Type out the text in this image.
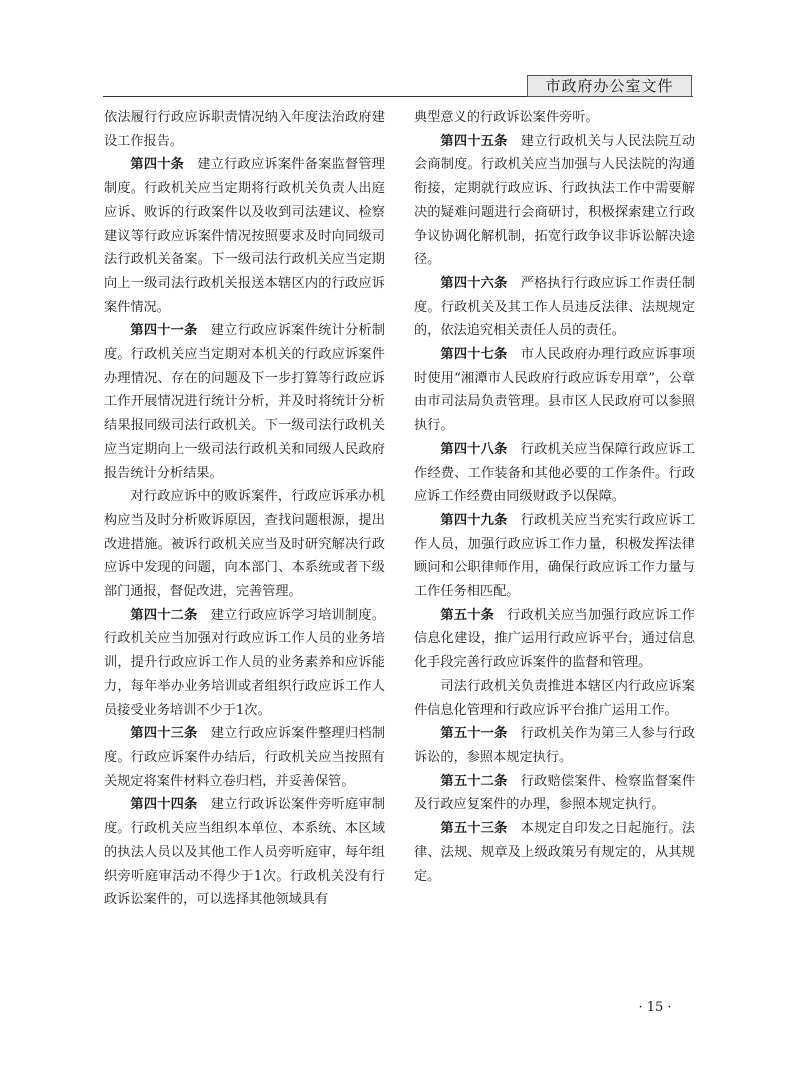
市政府办公室文件

依法履行行政应诉职责情况纳入年度法治政府建设工作报告。

第四十条 建立行政应诉案件备案监督管理制度。行政机关应当定期将行政机关负责人出庭应诉、败诉的行政案件以及收到司法建议、检察建议等行政应诉案件情况按照要求及时向同级司法行政机关备案。下一级司法行政机关应当定期向上一级司法行政机关报送本辖区内的行政应诉案件情况。

第四十一条 建立行政应诉案件统计分析制度。行政机关应当定期对本机关的行政应诉案件办理情况、存在的问题及下一步打算等行政应诉工作开展情况进行统计分析，并及时将统计分析结果报同级司法行政机关。下一级司法行政机关应当定期向上一级司法行政机关和同级人民政府报告统计分析结果。

对行政应诉中的败诉案件，行政应诉承办机构应当及时分析败诉原因，查找问题根源，提出改进措施。被诉行政机关应当及时研究解决行政应诉中发现的问题，向本部门、本系统或者下级部门通报，督促改进，完善管理。

第四十二条 建立行政应诉学习培训制度。行政机关应当加强对行政应诉工作人员的业务培训，提升行政应诉工作人员的业务素养和应诉能力，每年举办业务培训或者组织行政应诉工作人员接受业务培训不少于1次。

第四十三条 建立行政应诉案件整理归档制度。行政应诉案件办结后，行政机关应当按照有关规定将案件材料立卷归档，并妥善保管。

第四十四条 建立行政诉讼案件旁听庭审制度。行政机关应当组织本单位、本系统、本区域的执法人员以及其他工作人员旁听庭审，每年组织旁听庭审活动不得少于1次。行政机关没有行政诉讼案件的，可以选择其他领域具有

典型意义的行政诉讼案件旁听。

第四十五条 建立行政机关与人民法院互动会商制度。行政机关应当加强与人民法院的沟通衔接，定期就行政应诉、行政执法工作中需要解决的疑难问题进行会商研讨，积极探索建立行政争议协调化解机制，拓宽行政争议非诉讼解决途径。

第四十六条 严格执行行政应诉工作责任制度。行政机关及其工作人员违反法律、法规规定的，依法追究相关责任人员的责任。

第四十七条 市人民政府办理行政应诉事项时使用“湘潭市人民政府行政应诉专用章”，公章由市司法局负责管理。县市区人民政府可以参照执行。

第四十八条 行政机关应当保障行政应诉工作经费、工作装备和其他必要的工作条件。行政应诉工作经费由同级财政予以保障。

第四十九条 行政机关应当充实行政应诉工作人员，加强行政应诉工作力量，积极发挥法律顾问和公职律师作用，确保行政应诉工作力量与工作任务相匹配。

第五十条 行政机关应当加强行政应诉工作信息化建设，推广运用行政应诉平台，通过信息化手段完善行政应诉案件的监督和管理。

司法行政机关负责推进本辖区内行政应诉案件信息化管理和行政应诉平台推广运用工作。

第五十一条 行政机关作为第三人参与行政诉讼的，参照本规定执行。

第五十二条 行政赔偿案件、检察监督案件及行政应复案件的办理，参照本规定执行。

第五十三条 本规定自印发之日起施行。法律、法规、规章及上级政策另有规定的，从其规定。

· 15 ·
